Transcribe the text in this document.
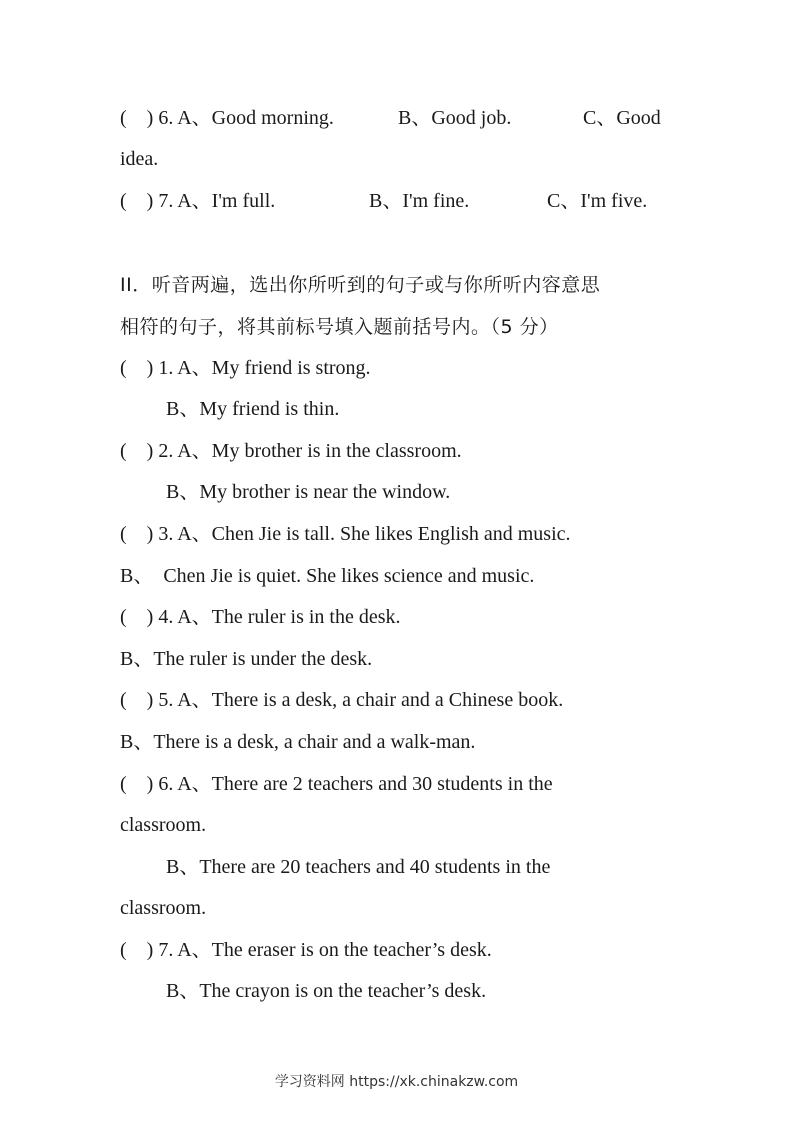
(    ) 6. A、Good morning.

	B、Good job.

	C、Good

idea.

(    ) 7. A、I'm full.

	B、I'm fine.

	C、I'm five.

II．听音两遍，选出你所听到的句子或与你所听内容意思
相符的句子，将其前标号填入题前括号内。（5 分）
(    ) 1. A、My friend is strong.
B、My friend is thin.
(    ) 2. A、My brother is in the classroom.
B、My brother is near the window.
(    ) 3. A、Chen Jie is tall. She likes English and music.
B、  Chen Jie is quiet. She likes science and music.
(    ) 4. A、The ruler is in the desk.
B、The ruler is under the desk.
(    ) 5. A、There is a desk, a chair and a Chinese book.
B、There is a desk, a chair and a walk-man.
(    ) 6. A、There are 2 teachers and 30 students in the
classroom.
B、There are 20 teachers and 40 students in the
classroom.
(    ) 7. A、The eraser is on the teacher’s desk.
B、The crayon is on the teacher’s desk.
学习资料网 https://xk.chinakzw.com
